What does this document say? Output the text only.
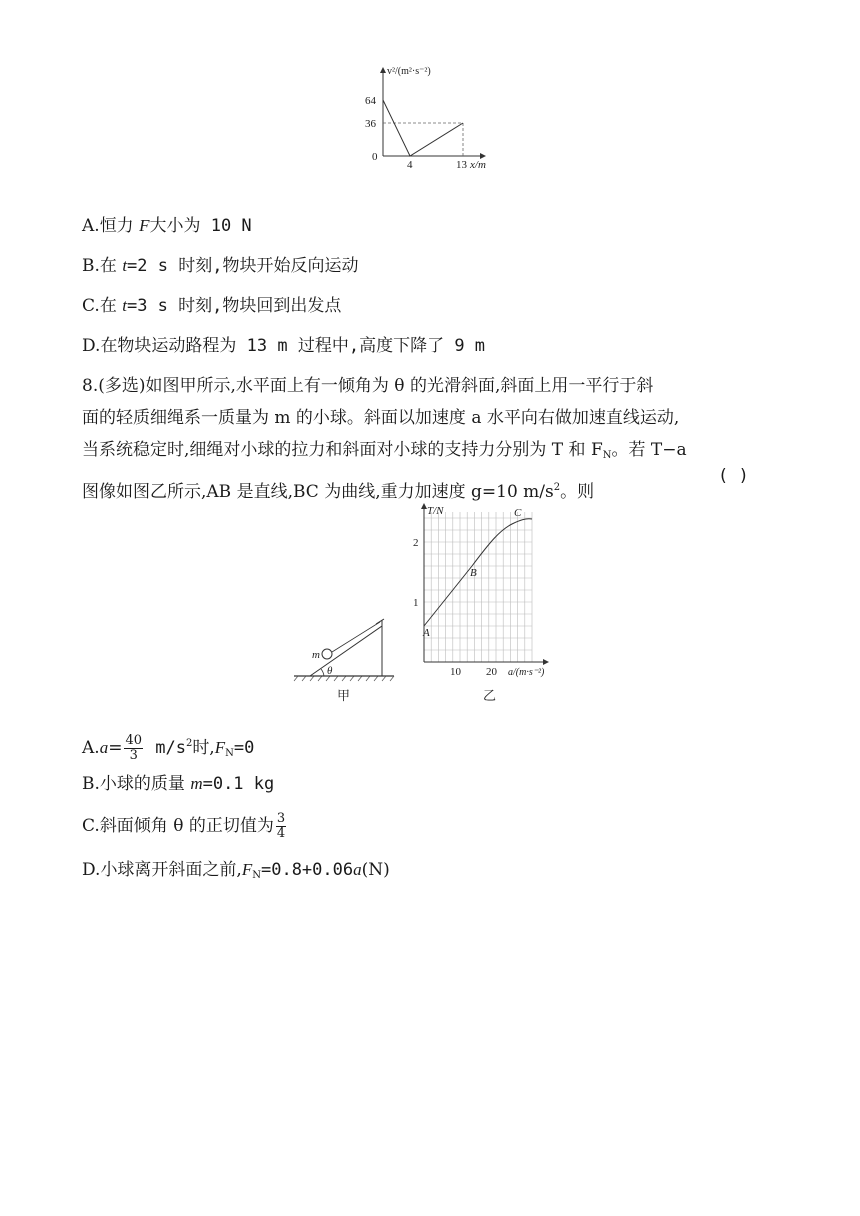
v²/(m²·s⁻²)
64
36
0
4	13 x/m
A.恒力 F大小为 10 N
B.在 t=2 s 时刻,物块开始反向运动
C.在 t=3 s 时刻,物块回到出发点
D.在物块运动路程为 13 m 过程中,高度下降了 9 m
8.(多选)如图甲所示,水平面上有一倾角为 θ 的光滑斜面,斜面上用一平行于斜
面的轻质细绳系一质量为 m 的小球。斜面以加速度 a 水平向右做加速直线运动,
当系统稳定时,细绳对小球的拉力和斜面对小球的支持力分别为 T 和 $F_N$。若 T−a
图像如图乙所示,AB 是直线,BC 为曲线,重力加速度 g=10 $m/s^2$。则
( )
m
θ
甲
T/N
2
1
10 20 a/(m·s⁻²)
A
B
C
乙
$A.a= \frac{40}{3} m/s^2$时$,F_N=0$
B.小球的质量 m=0.1 kg
C.斜面倾角 θ 的正切值为 $\frac{3}{4}$
D.小球离开斜面之前$,F_N=0.8+0.06a(N)$
